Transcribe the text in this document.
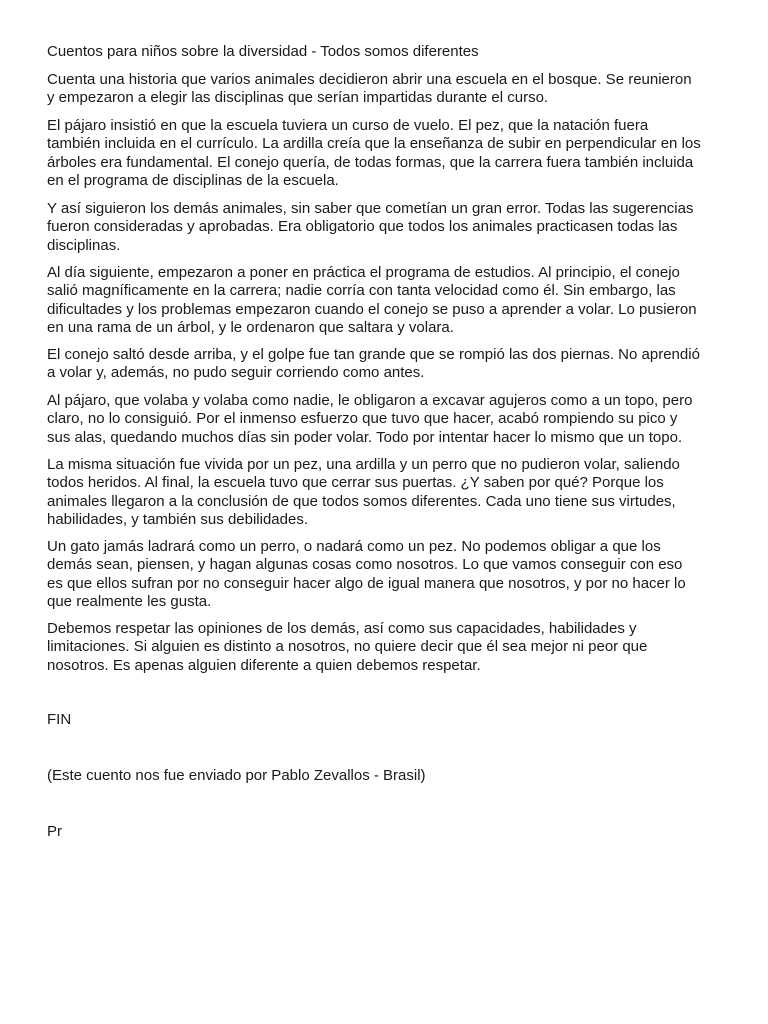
Cuentos para niños sobre la diversidad - Todos somos diferentes

Cuenta una historia que varios animales decidieron abrir una escuela en el bosque. Se reunieron
y empezaron a elegir las disciplinas que serían impartidas durante el curso.

El pájaro insistió en que la escuela tuviera un curso de vuelo. El pez, que la natación fuera
también incluida en el currículo. La ardilla creía que la enseñanza de subir en perpendicular en los
árboles era fundamental. El conejo quería, de todas formas, que la carrera fuera también incluida
en el programa de disciplinas de la escuela.

Y así siguieron los demás animales, sin saber que cometían un gran error. Todas las sugerencias
fueron consideradas y aprobadas. Era obligatorio que todos los animales practicasen todas las
disciplinas.

Al día siguiente, empezaron a poner en práctica el programa de estudios. Al principio, el conejo
salió magníficamente en la carrera; nadie corría con tanta velocidad como él. Sin embargo, las
dificultades y los problemas empezaron cuando el conejo se puso a aprender a volar. Lo pusieron
en una rama de un árbol, y le ordenaron que saltara y volara.

El conejo saltó desde arriba, y el golpe fue tan grande que se rompió las dos piernas. No aprendió
a volar y, además, no pudo seguir corriendo como antes.

Al pájaro, que volaba y volaba como nadie, le obligaron a excavar agujeros como a un topo, pero
claro, no lo consiguió. Por el inmenso esfuerzo que tuvo que hacer, acabó rompiendo su pico y
sus alas, quedando muchos días sin poder volar. Todo por intentar hacer lo mismo que un topo.

La misma situación fue vivida por un pez, una ardilla y un perro que no pudieron volar, saliendo
todos heridos. Al final, la escuela tuvo que cerrar sus puertas. ¿Y saben por qué? Porque los
animales llegaron a la conclusión de que todos somos diferentes. Cada uno tiene sus virtudes,
habilidades, y también sus debilidades.

Un gato jamás ladrará como un perro, o nadará como un pez. No podemos obligar a que los
demás sean, piensen, y hagan algunas cosas como nosotros. Lo que vamos conseguir con eso
es que ellos sufran por no conseguir hacer algo de igual manera que nosotros, y por no hacer lo
que realmente les gusta.

Debemos respetar las opiniones de los demás, así como sus capacidades, habilidades y
limitaciones. Si alguien es distinto a nosotros, no quiere decir que él sea mejor ni peor que
nosotros. Es apenas alguien diferente a quien debemos respetar.

FIN

(Este cuento nos fue enviado por Pablo Zevallos - Brasil)

Pr
